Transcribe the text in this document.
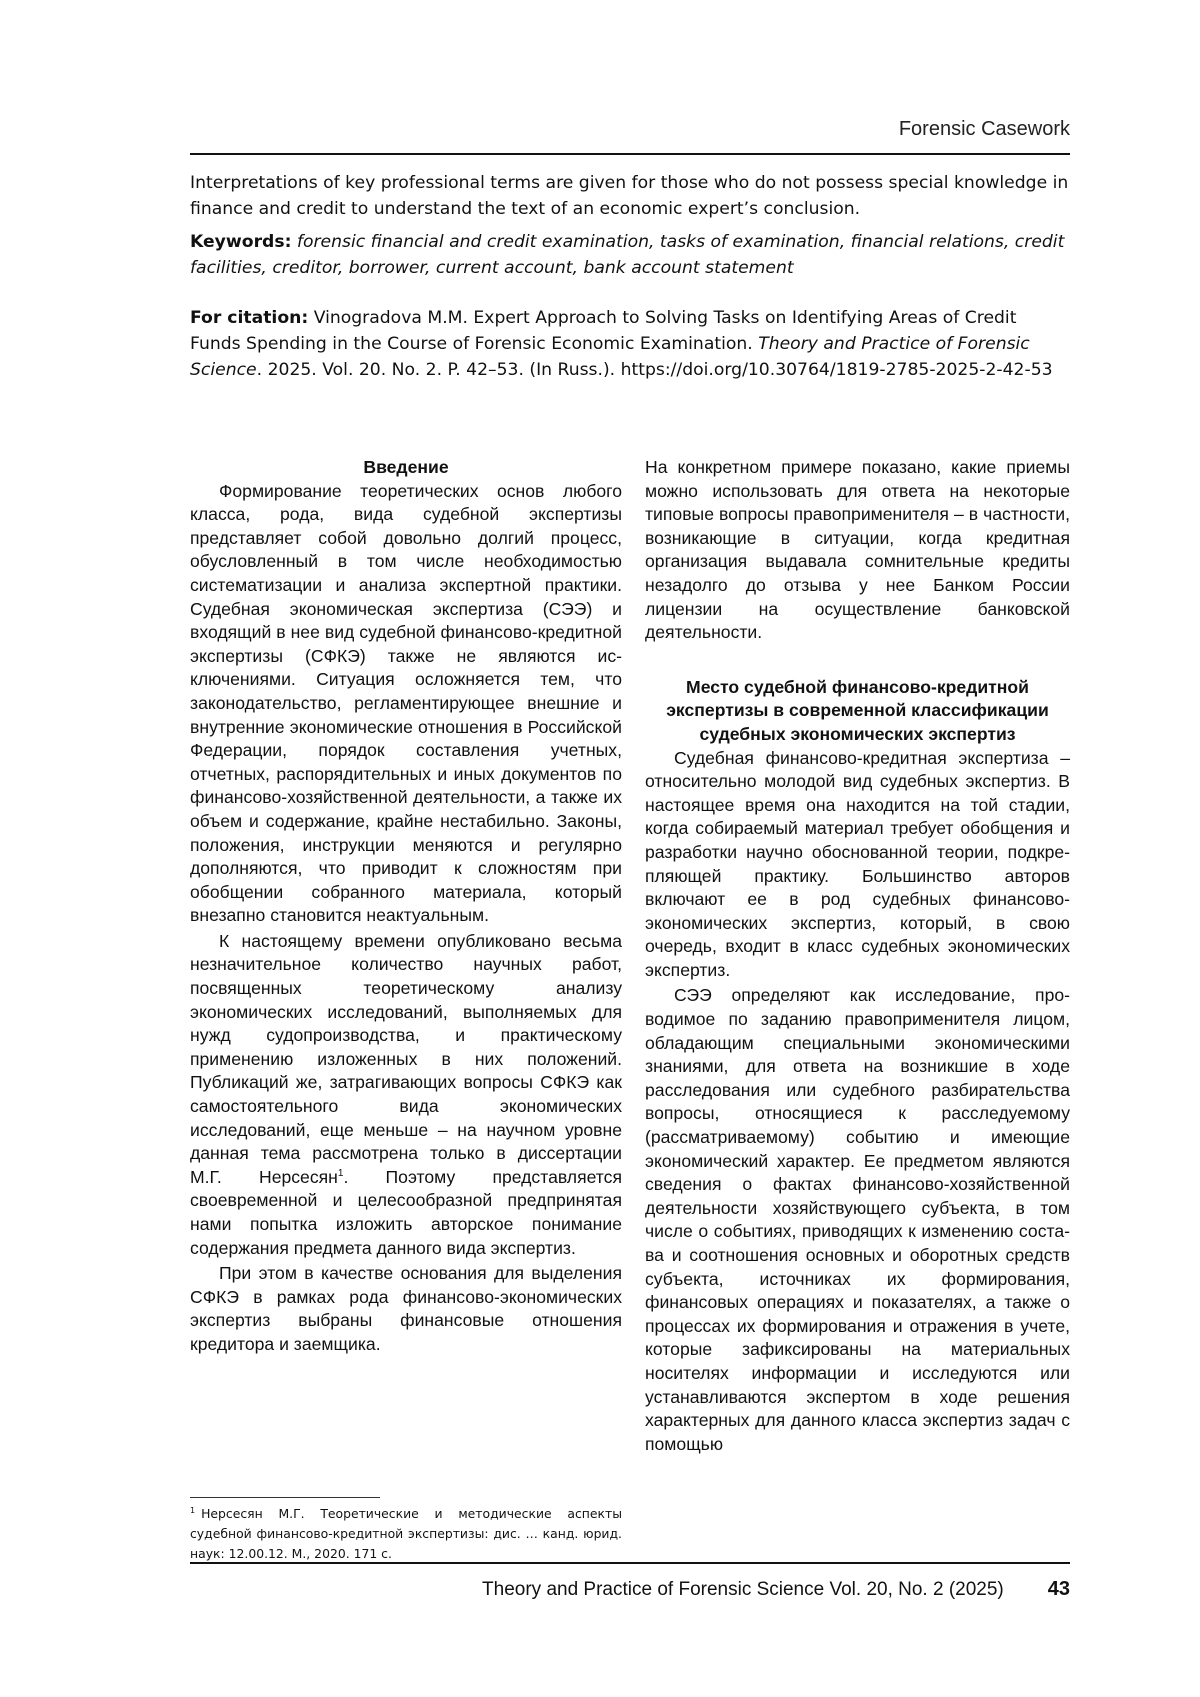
Forensic Casework

Interpretations of key professional terms are given for those who do not possess special knowledge in finance and credit to understand the text of an economic expert’s conclusion.

Keywords: forensic financial and credit examination, tasks of examination, financial relations, credit facilities, creditor, borrower, current account, bank account statement

For citation: Vinogradova M.M. Expert Approach to Solving Tasks on Identifying Areas of Credit Funds Spending in the Course of Forensic Economic Examination. Theory and Practice of Forensic Science. 2025. Vol. 20. No. 2. P. 42–53. (In Russ.). https://doi.org/10.30764/1819-2785-2025-2-42-53

Введение

Формирование теоретических основ любого класса, рода, вида судебной экспертизы представляет собой довольно долгий процесс, обусловленный в том числе необходимостью систематизации и анализа экспертной практики. Судебная экономическая экспертиза (СЭЭ) и входящий в нее вид судебной финансово-кредитной экспертизы (СФКЭ) также не являются исключениями. Ситуация осложняется тем, что законодательство, регламентирующее внешние и внутренние экономические отношения в Российской Федерации, порядок составления учетных, отчетных, распорядительных и иных документов по финансово-хозяйственной деятельности, а также их объем и содержание, крайне нестабильно. Законы, положения, инструкции меняются и регулярно дополняются, что приводит к сложностям при обобщении собранного материала, который внезапно становится неактуальным.

К настоящему времени опубликовано весьма незначительное количество научных работ, посвященных теоретическому анализу экономических исследований, выполняемых для нужд судопроизводства, и практическому применению изложенных в них положений. Публикаций же, затрагивающих вопросы СФКЭ как самостоятельного вида экономических исследований, еще меньше – на научном уровне данная тема рассмотрена только в диссертации М.Г. Нерсесян$^1$. Поэтому представляется своевременной и целесообразной предпринятая нами попытка изложить авторское понимание содержания предмета данного вида экспертиз.

При этом в качестве основания для выделения СФКЭ в рамках рода финансово-экономических экспертиз выбраны финансовые отношения кредитора и заемщика.

На конкретном примере показано, какие приемы можно использовать для ответа на некоторые типовые вопросы правоприменителя – в частности, возникающие в ситуации, когда кредитная организация выдавала сомнительные кредиты незадолго до отзыва у нее Банком России лицензии на осуществление банковской деятельности.

Место судебной финансово-кредитной экспертизы в современной классификации судебных экономических экспертиз

Судебная финансово-кредитная экспертиза – относительно молодой вид судебных экспертиз. В настоящее время она находится на той стадии, когда собираемый материал требует обобщения и разработки научно обоснованной теории, подкрепляющей практику. Большинство авторов включают ее в род судебных финансово-экономических экспертиз, который, в свою очередь, входит в класс судебных экономических экспертиз.

СЭЭ определяют как исследование, проводимое по заданию правоприменителя лицом, обладающим специальными экономическими знаниями, для ответа на возникшие в ходе расследования или судебного разбирательства вопросы, относящиеся к расследуемому (рассматриваемому) событию и имеющие экономический характер. Ее предметом являются сведения о фактах финансово-хозяйственной деятельности хозяйствующего субъекта, в том числе о событиях, приводящих к изменению состава и соотношения основных и оборотных средств субъекта, источниках их формирования, финансовых операциях и показателях, а также о процессах их формирования и отражения в учете, которые зафиксированы на материальных носителях информации и исследуются или устанавливаются экспертом в ходе решения характерных для данного класса экспертиз задач с помощью

$^1$ Нерсесян М.Г. Теоретические и методические аспекты судебной финансово-кредитной экспертизы: дис. … канд. юрид. наук: 12.00.12. М., 2020. 171 с.
Theory and Practice of Forensic Science Vol. 20, No. 2 (2025) 43
